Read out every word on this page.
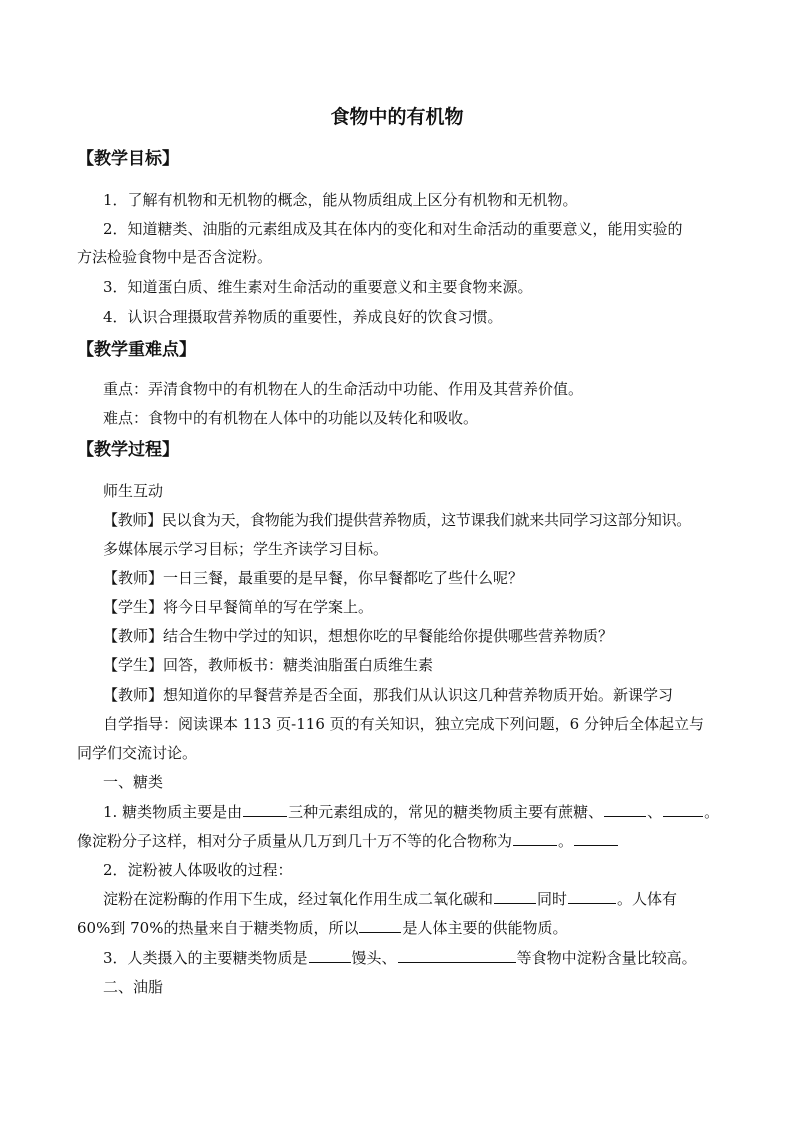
食物中的有机物
【教学目标】
1．了解有机物和无机物的概念，能从物质组成上区分有机物和无机物。
2．知道糖类、油脂的元素组成及其在体内的变化和对生命活动的重要意义，能用实验的
方法检验食物中是否含淀粉。
3．知道蛋白质、维生素对生命活动的重要意义和主要食物来源。
4．认识合理摄取营养物质的重要性，养成良好的饮食习惯。
【教学重难点】
重点：弄清食物中的有机物在人的生命活动中功能、作用及其营养价值。
难点：食物中的有机物在人体中的功能以及转化和吸收。
【教学过程】
师生互动
【教师】民以食为天，食物能为我们提供营养物质，这节课我们就来共同学习这部分知识。
多媒体展示学习目标；学生齐读学习目标。
【教师】一日三餐，最重要的是早餐，你早餐都吃了些什么呢？
【学生】将今日早餐简单的写在学案上。
【教师】结合生物中学过的知识，想想你吃的早餐能给你提供哪些营养物质？
【学生】回答，教师板书：糖类油脂蛋白质维生素
【教师】想知道你的早餐营养是否全面，那我们从认识这几种营养物质开始。新课学习
自学指导：阅读课本 113 页-116 页的有关知识，独立完成下列问题，6 分钟后全体起立与
同学们交流讨论。
一、糖类
1. 糖类物质主要是由	三种元素组成的，常见的糖类物质主要有蔗糖、	、	。
像淀粉分子这样，相对分子质量从几万到几十万不等的化合物称为	。
2．淀粉被人体吸收的过程：
淀粉在淀粉酶的作用下生成，经过氧化作用生成二氧化碳和	同时	。人体有
60%到 70%的热量来自于糖类物质，所以	是人体主要的供能物质。
3．人类摄入的主要糖类物质是	馒头、	等食物中淀粉含量比较高。
二、油脂
